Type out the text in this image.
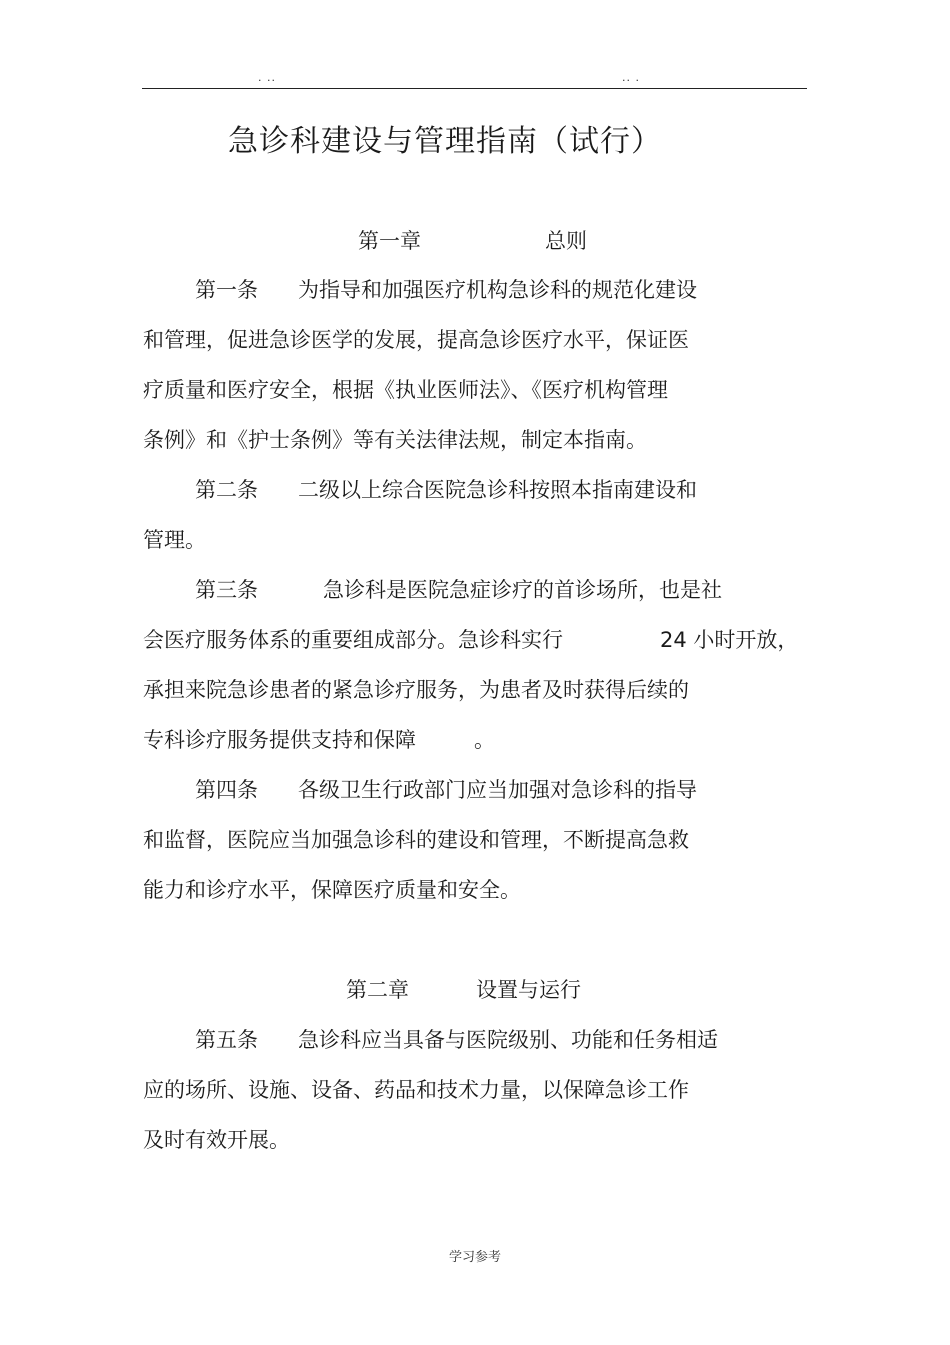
. ..	.. .
急诊科建设与管理指南（试行）
第一章	总则
第一条 为指导和加强医疗机构急诊科的规范化建设
和管理，促进急诊医学的发展，提高急诊医疗水平，保证医
疗质量和医疗安全，根据《执业医师法》、《医疗机构管理
条例》和《护士条例》等有关法律法规，制定本指南。
第二条 二级以上综合医院急诊科按照本指南建设和
管理。
第三条	急诊科是医院急症诊疗的首诊场所，也是社
会医疗服务体系的重要组成部分。急诊科实行	24 小时开放，
承担来院急诊患者的紧急诊疗服务，为患者及时获得后续的
专科诊疗服务提供支持和保障	。
第四条 各级卫生行政部门应当加强对急诊科的指导
和监督，医院应当加强急诊科的建设和管理，不断提高急救
能力和诊疗水平，保障医疗质量和安全。
第二章	设置与运行
第五条 急诊科应当具备与医院级别、功能和任务相适
应的场所、设施、设备、药品和技术力量，以保障急诊工作
及时有效开展。
学习参考
